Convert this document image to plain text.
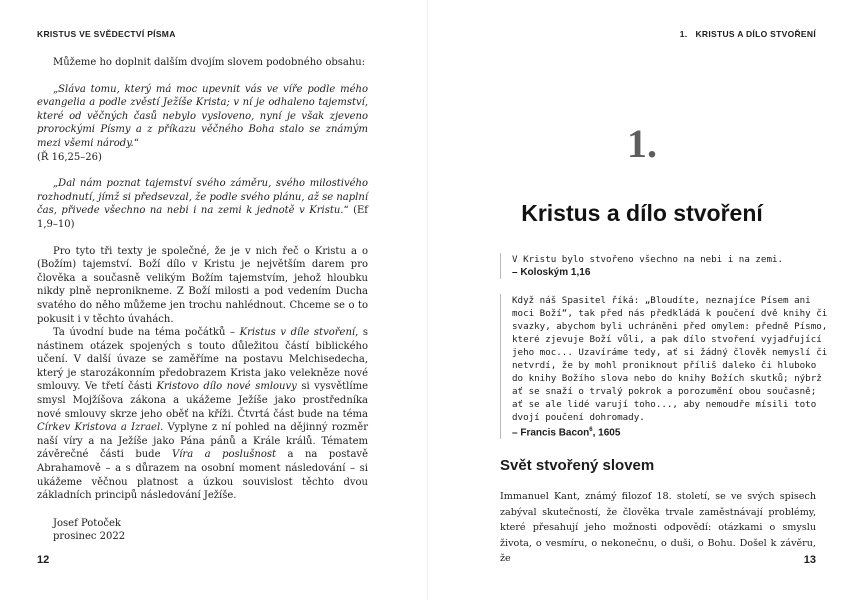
KRISTUS VE SVĚDECTVÍ PÍSMA

Můžeme ho doplnit dalším dvojím slovem podobného obsahu:

„Sláva tomu, který má moc upevnit vás ve víře podle mého evangelia a podle zvěstí Ježíše Krista; v ní je odhaleno tajemství, které od věčných časů nebylo vysloveno, nyní je však zjeveno prorockými Písmy a z příkazu věčného Boha stalo se známým mezi všemi národy.“
(Ř 16,25–26)

„Dal nám poznat tajemství svého záměru, svého milostivého rozhodnutí, jímž si předsevzal, že podle svého plánu, až se naplní čas, přivede všechno na nebi i na zemi k jednotě v Kristu.“ (Ef 1,9–10)

Pro tyto tři texty je společné, že je v nich řeč o Kristu a o (Božím) tajemství. Boží dílo v Kristu je největším darem pro člověka a současně velikým Božím tajemstvím, jehož hloubku nikdy plně nepronikneme. Z Boží milosti a pod vedením Ducha svatého do něho můžeme jen trochu nahlédnout. Chceme se o to pokusit i v těchto úvahách.

Ta úvodní bude na téma počátků – Kristus v díle stvoření, s nástinem otázek spojených s touto důležitou částí biblického učení. V další úvaze se zaměříme na postavu Melchisedecha, který je starozákonním předobrazem Krista jako velekněze nové smlouvy. Ve třetí části Kristovo dílo nové smlouvy si vysvětlíme smysl Mojžíšova zákona a ukážeme Ježíše jako prostředníka nové smlouvy skrze jeho oběť na kříži. Čtvrtá část bude na téma Církev Kristova a Izrael. Vyplyne z ní pohled na dějinný rozměr naší víry a na Ježíše jako Pána pánů a Krále králů. Tématem závěrečné části bude Víra a poslušnost a na postavě Abrahamově – a s důrazem na osobní moment následování – si ukážeme věčnou platnost a úzkou souvislost těchto dvou základních principů následování Ježíše.

Josef Potoček
prosinec 2022

12
1.   KRISTUS A DÍLO STVOŘENÍ
1.
Kristus a dílo stvoření

V Kristu bylo stvořeno všechno na nebi i na zemi.

– Koloským 1,16

Když náš Spasitel říká: „Bloudíte, neznajíce Písem ani moci Boží“, tak před nás předkládá k poučení dvě knihy či svazky, abychom byli uchráněni před omylem: předně Písmo, které zjevuje Boží vůli, a pak dílo stvoření vyjadřující jeho moc... Uzavíráme tedy, ať si žádný člověk nemyslí či netvrdí, že by mohl proniknout příliš daleko či hluboko do knihy Božího slova nebo do knihy Božích skutků; nýbrž ať se snaží o trvalý pokrok a porozumění obou současně; ať se ale lidé varují toho..., aby nemoudře mísili toto dvojí poučení dohromady.

– Francis Bacon$^6$, 1605

Svět stvořený slovem

Immanuel Kant, známý filozof 18. století, se ve svých spisech zabýval skutečností, že člověka trvale zaměstnávají problémy, které přesahují jeho možnosti odpovědí: otázkami o smyslu života, o vesmíru, o nekonečnu, o duši, o Bohu. Došel k závěru, že	13
